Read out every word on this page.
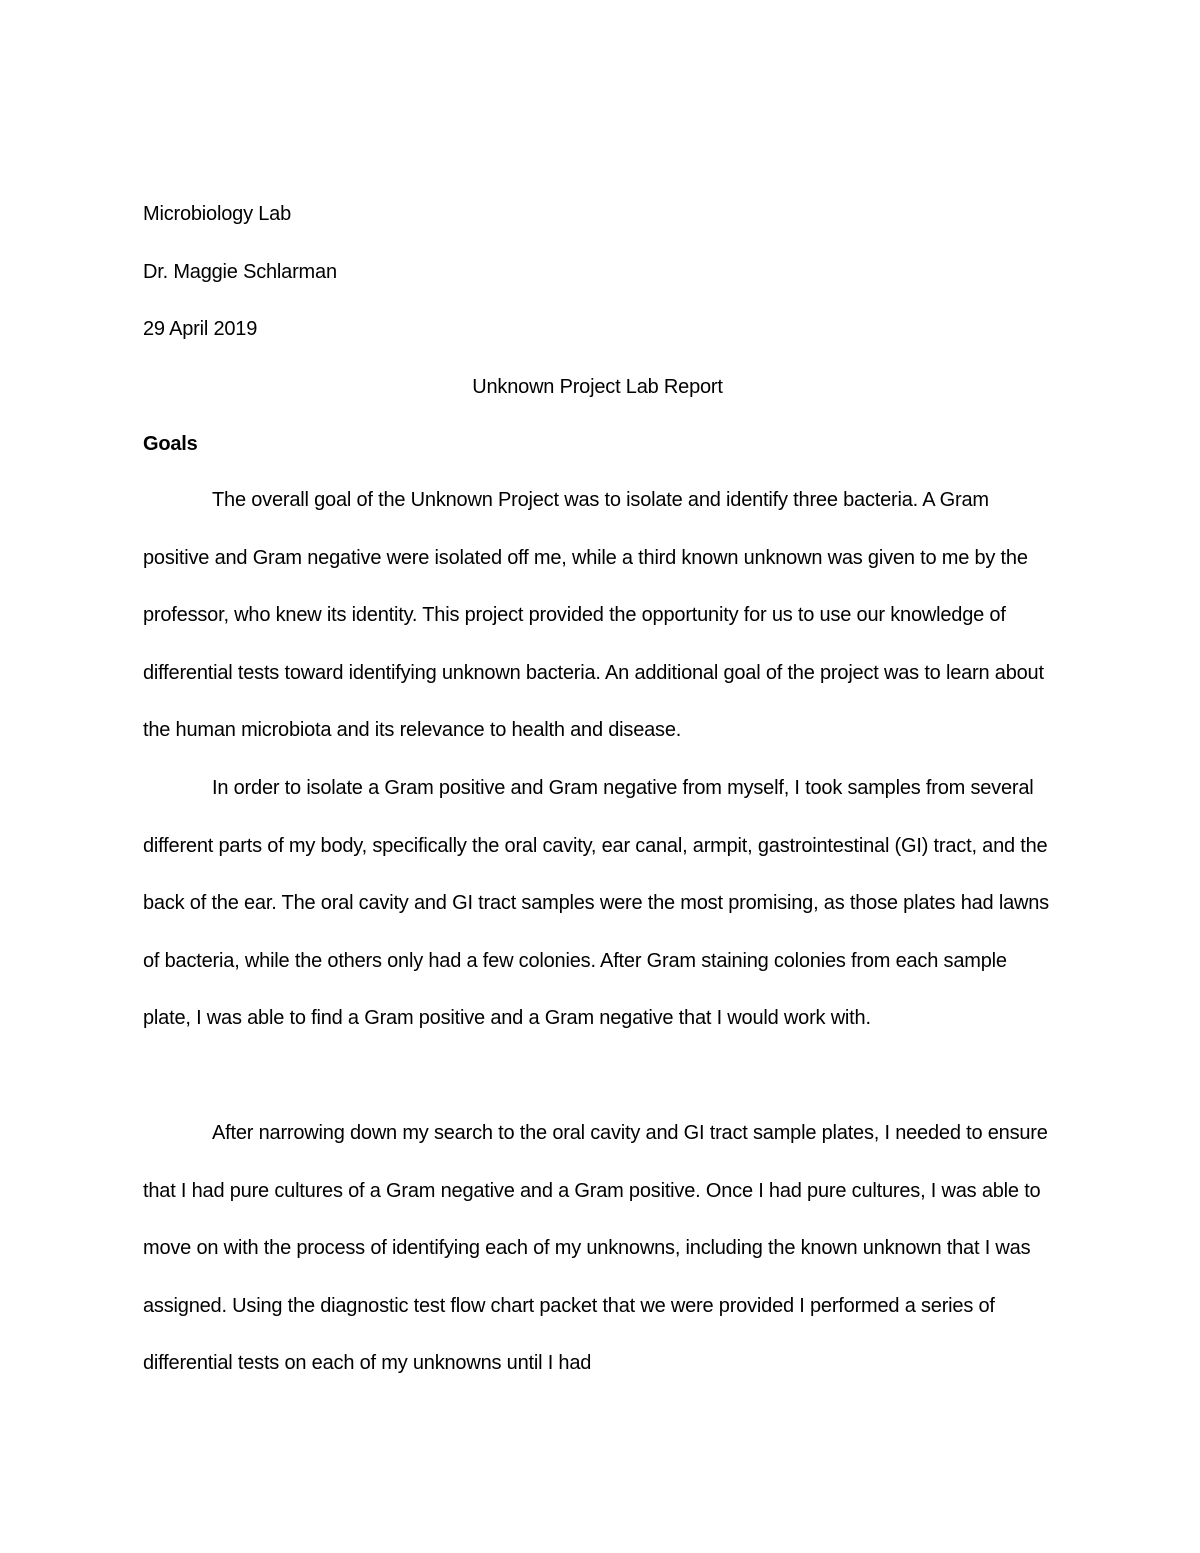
Microbiology Lab
Dr. Maggie Schlarman
29 April 2019
Unknown Project Lab Report
Goals

The overall goal of the Unknown Project was to isolate and identify three bacteria. A Gram positive and Gram negative were isolated off me, while a third known unknown was given to me by the professor, who knew its identity. This project provided the opportunity for us to use our knowledge of differential tests toward identifying unknown bacteria. An additional goal of the project was to learn about the human microbiota and its relevance to health and disease.

In order to isolate a Gram positive and Gram negative from myself, I took samples from several different parts of my body, specifically the oral cavity, ear canal, armpit, gastrointestinal (GI) tract, and the back of the ear. The oral cavity and GI tract samples were the most promising, as those plates had lawns of bacteria, while the others only had a few colonies. After Gram staining colonies from each sample plate, I was able to find a Gram positive and a Gram negative that I would work with.

After narrowing down my search to the oral cavity and GI tract sample plates, I needed to ensure that I had pure cultures of a Gram negative and a Gram positive. Once I had pure cultures, I was able to move on with the process of identifying each of my unknowns, including the known unknown that I was assigned. Using the diagnostic test flow chart packet that we were provided I performed a series of differential tests on each of my unknowns until I had
